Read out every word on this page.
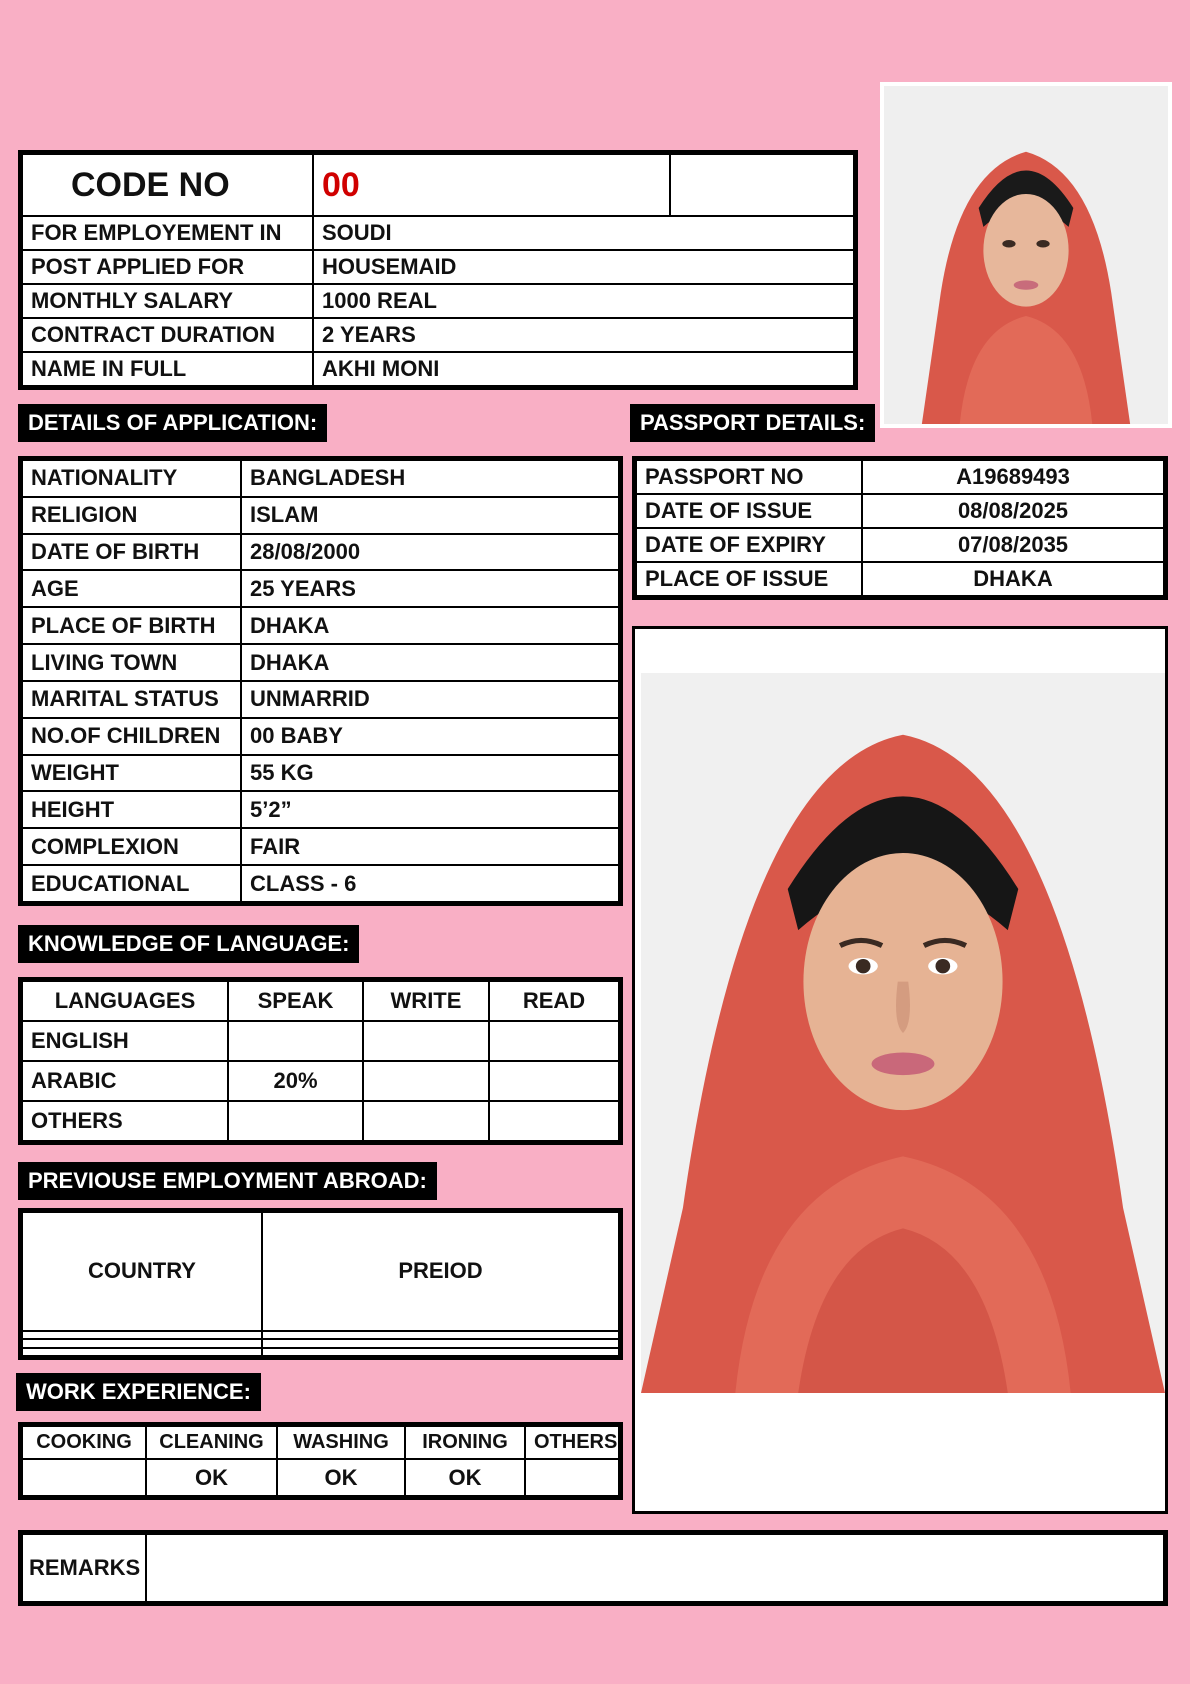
CODE NO	00	
FOR EMPLOYEMENT IN	SOUDI	
POST APPLIED FOR	HOUSEMAID	
MONTHLY SALARY	1000 REAL	
CONTRACT DURATION	2 YEARS	
NAME IN FULL	AKHI MONI	
DETAILS OF APPLICATION:
NATIONALITY	BANGLADESH
RELIGION	ISLAM
DATE OF BIRTH	28/08/2000
AGE	25 YEARS
PLACE OF BIRTH	DHAKA
LIVING TOWN	DHAKA
MARITAL STATUS	UNMARRID
NO.OF CHILDREN	00 BABY
WEIGHT	55 KG
HEIGHT	5’2”
COMPLEXION	FAIR
EDUCATIONAL	CLASS - 6
PASSPORT DETAILS:
PASSPORT NO	A19689493
DATE OF ISSUE	08/08/2025
DATE OF EXPIRY	07/08/2035
PLACE OF ISSUE	DHAKA
KNOWLEDGE OF LANGUAGE:
LANGUAGES	SPEAK	WRITE	READ
ENGLISH			
ARABIC	20%		
OTHERS			
PREVIOUSE EMPLOYMENT ABROAD:
COUNTRY	PREIOD

WORK EXPERIENCE:
COOKING	CLEANING	WASHING	IRONING	OTHERS
	OK	OK	OK	
REMARKS	
